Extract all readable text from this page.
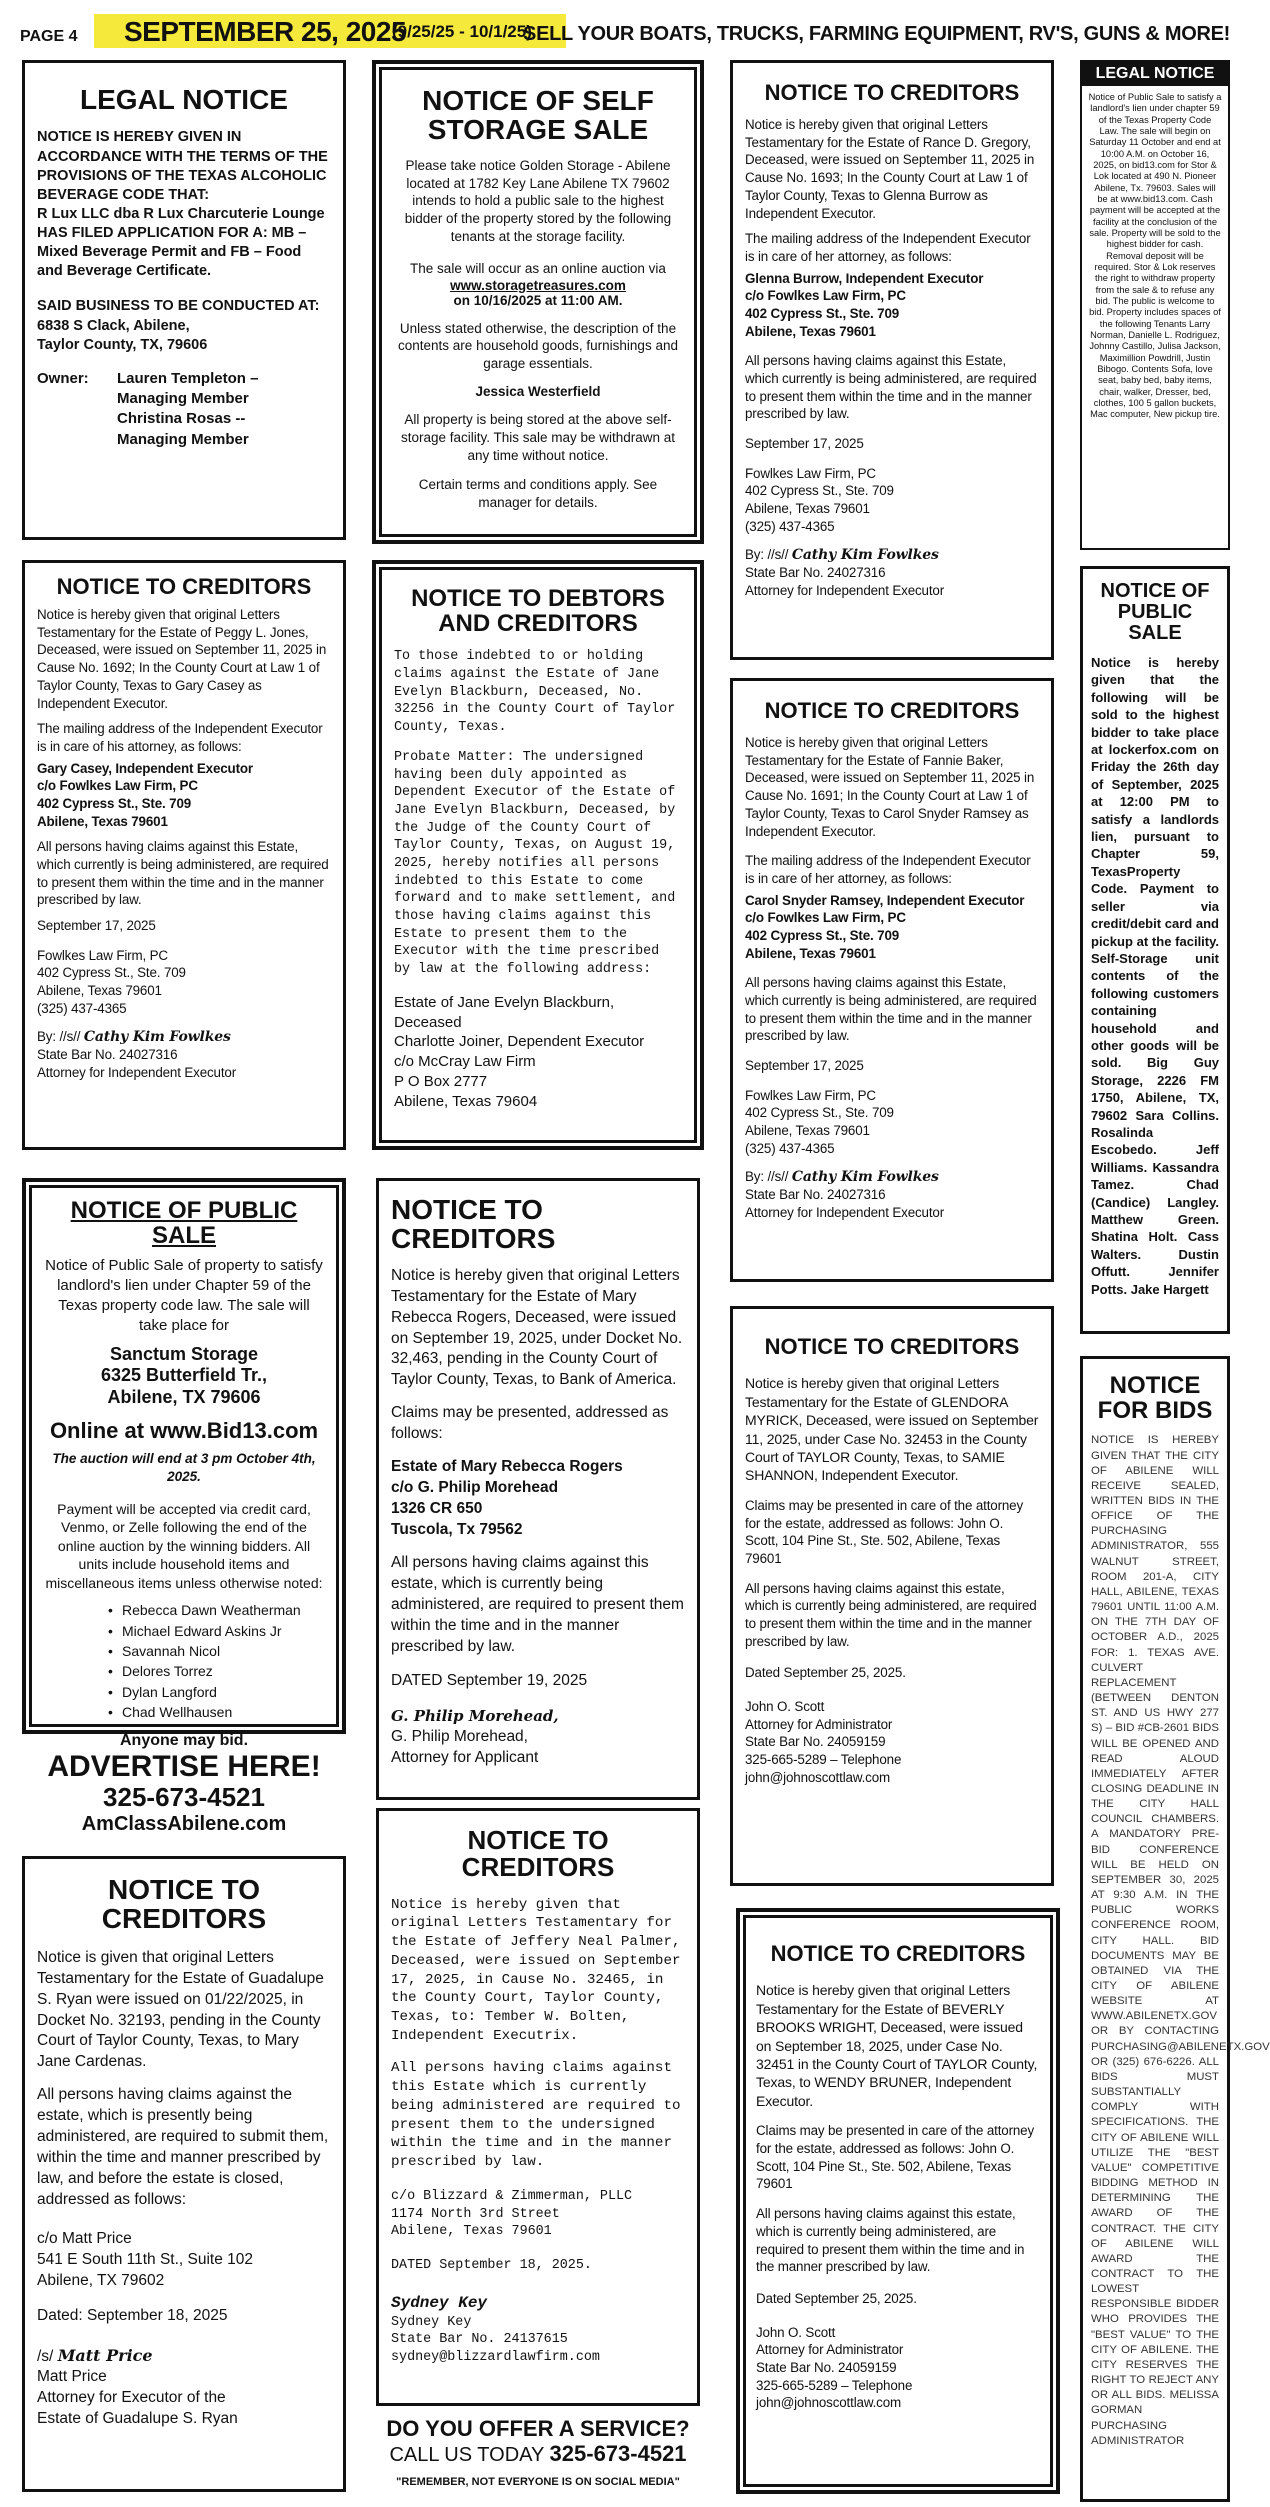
PAGE 4 SEPTEMBER 25, 2025
(9/25/25 - 10/1/25)
SELL YOUR BOATS, TRUCKS, FARMING EQUIPMENT, RV'S, GUNS & MORE!
LEGAL NOTICE

NOTICE IS HEREBY GIVEN IN ACCORDANCE WITH THE TERMS OF THE PROVISIONS OF THE TEXAS ALCOHOLIC BEVERAGE CODE THAT:

R Lux LLC dba R Lux Charcuterie Lounge HAS FILED APPLICATION FOR A: MB – Mixed Beverage Permit and FB – Food and Beverage Certificate.

SAID BUSINESS TO BE CONDUCTED AT:

6838 S Clack, Abilene,
Taylor County, TX, 79606
Owner:	Lauren Templeton –
Managing Member
Christina Rosas --
Managing Member
NOTICE TO CREDITORS

Notice is hereby given that original Letters Testamentary for the Estate of Peggy L. Jones, Deceased, were issued on September 11, 2025 in Cause No. 1692; In the County Court at Law 1 of Taylor County, Texas to Gary Casey as Independent Executor.

The mailing address of the Independent Executor is in care of his attorney, as follows:

Gary Casey, Independent Executor
c/o Fowlkes Law Firm, PC
402 Cypress St., Ste. 709
Abilene, Texas 79601

All persons having claims against this Estate, which currently is being administered, are required to present them within the time and in the manner prescribed by law.

September 17, 2025

Fowlkes Law Firm, PC
402 Cypress St., Ste. 709
Abilene, Texas 79601
(325) 437-4365
By: //s// Cathy Kim Fowlkes
State Bar No. 24027316
Attorney for Independent Executor
NOTICE OF PUBLIC SALE

Notice of Public Sale of property to satisfy landlord's lien under Chapter 59 of the Texas property code law. The sale will take place for

Sanctum Storage
6325 Butterfield Tr.,
Abilene, TX 79606
Online at www.Bid13.com

The auction will end at 3 pm October 4th, 2025.

Payment will be accepted via credit card, Venmo, or Zelle following the end of the online auction by the winning bidders. All units include household items and miscellaneous items unless otherwise noted:

• Rebecca Dawn Weatherman
• Michael Edward Askins Jr
• Savannah Nicol
• Delores Torrez
• Dylan Langford
• Chad Wellhausen
Anyone may bid.
ADVERTISE HERE!
325-673-4521
AmClassAbilene.com
NOTICE TO CREDITORS

Notice is given that original Letters Testamentary for the Estate of Guadalupe S. Ryan were issued on 01/22/2025, in Docket No. 32193, pending in the County Court of Taylor County, Texas, to Mary Jane Cardenas.

All persons having claims against the estate, which is presently being administered, are required to submit them, within the time and manner prescribed by law, and before the estate is closed, addressed as follows:

c/o Matt Price
541 E South 11th St., Suite 102
Abilene, TX 79602
Dated: September 18, 2025
/s/ Matt Price
Matt Price
Attorney for Executor of the
Estate of Guadalupe S. Ryan
NOTICE OF SELF STORAGE SALE

Please take notice Golden Storage - Abilene located at 1782 Key Lane Abilene TX 79602 intends to hold a public sale to the highest bidder of the property stored by the following tenants at the storage facility.

The sale will occur as an online auction via

www.storagetreasures.com
on 10/16/2025 at 11:00 AM.

Unless stated otherwise, the description of the contents are household goods, furnishings and garage essentials.

Jessica Westerfield

All property is being stored at the above self-storage facility. This sale may be withdrawn at any time without notice.

Certain terms and conditions apply. See manager for details.

NOTICE TO DEBTORS AND CREDITORS

To those indebted to or holding claims against the Estate of Jane Evelyn Blackburn, Deceased, No. 32256 in the County Court of Taylor County, Texas.

Probate Matter: The undersigned having been duly appointed as Dependent Executor of the Estate of Jane Evelyn Blackburn, Deceased, by the Judge of the County Court of Taylor County, Texas, on August 19, 2025, hereby notifies all persons indebted to this Estate to come forward and to make settlement, and those having claims against this Estate to present them to the Executor with the time prescribed by law at the following address:

Estate of Jane Evelyn Blackburn, Deceased
Charlotte Joiner, Dependent Executor
c/o McCray Law Firm
P O Box 2777
Abilene, Texas 79604
NOTICE TO CREDITORS

Notice is hereby given that original Letters Testamentary for the Estate of Mary Rebecca Rogers, Deceased, were issued on September 19, 2025, under Docket No. 32,463, pending in the County Court of Taylor County, Texas, to Bank of America.

Claims may be presented, addressed as follows:

Estate of Mary Rebecca Rogers
c/o G. Philip Morehead
1326 CR 650
Tuscola, Tx 79562

All persons having claims against this estate, which is currently being administered, are required to present them within the time and in the manner prescribed by law.

DATED September 19, 2025

G. Philip Morehead,
G. Philip Morehead,
Attorney for Applicant
NOTICE TO CREDITORS

Notice is hereby given that original Letters Testamentary for the Estate of Jeffery Neal Palmer, Deceased, were issued on September 17, 2025, in Cause No. 32465, in the County Court, Taylor County, Texas, to: Tember W. Bolten, Independent Executrix.

All persons having claims against this Estate which is currently being administered are required to present them to the undersigned within the time and in the manner prescribed by law.

c/o Blizzard & Zimmerman, PLLC
1174 North 3rd Street
Abilene, Texas 79601
DATED September 18, 2025.
Sydney Key
Sydney Key
State Bar No. 24137615
sydney@blizzardlawfirm.com
DO YOU OFFER A SERVICE?
CALL US TODAY 325-673-4521
"REMEMBER, NOT EVERYONE IS ON SOCIAL MEDIA"
NOTICE TO CREDITORS

Notice is hereby given that original Letters Testamentary for the Estate of Rance D. Gregory, Deceased, were issued on September 11, 2025 in Cause No. 1693; In the County Court at Law 1 of Taylor County, Texas to Glenna Burrow as Independent Executor.

The mailing address of the Independent Executor is in care of her attorney, as follows:

Glenna Burrow, Independent Executor
c/o Fowlkes Law Firm, PC
402 Cypress St., Ste. 709
Abilene, Texas 79601

All persons having claims against this Estate, which currently is being administered, are required to present them within the time and in the manner prescribed by law.

September 17, 2025

Fowlkes Law Firm, PC
402 Cypress St., Ste. 709
Abilene, Texas 79601
(325) 437-4365
By: //s// Cathy Kim Fowlkes
State Bar No. 24027316
Attorney for Independent Executor
NOTICE TO CREDITORS

Notice is hereby given that original Letters Testamentary for the Estate of Fannie Baker, Deceased, were issued on September 11, 2025 in Cause No. 1691; In the County Court at Law 1 of Taylor County, Texas to Carol Snyder Ramsey as Independent Executor.

The mailing address of the Independent Executor is in care of her attorney, as follows:

Carol Snyder Ramsey, Independent Executor
c/o Fowlkes Law Firm, PC
402 Cypress St., Ste. 709
Abilene, Texas 79601

All persons having claims against this Estate, which currently is being administered, are required to present them within the time and in the manner prescribed by law.

September 17, 2025

Fowlkes Law Firm, PC
402 Cypress St., Ste. 709
Abilene, Texas 79601
(325) 437-4365
By: //s// Cathy Kim Fowlkes
State Bar No. 24027316
Attorney for Independent Executor
NOTICE TO CREDITORS

Notice is hereby given that original Letters Testamentary for the Estate of GLENDORA MYRICK, Deceased, were issued on September 11, 2025, under Case No. 32453 in the County Court of TAYLOR County, Texas, to SAMIE SHANNON, Independent Executor.

Claims may be presented in care of the attorney for the estate, addressed as follows: John O. Scott, 104 Pine St., Ste. 502, Abilene, Texas 79601

All persons having claims against this estate, which is currently being administered, are required to present them within the time and in the manner prescribed by law.

Dated September 25, 2025.

John O. Scott
Attorney for Administrator
State Bar No. 24059159
325-665-5289 – Telephone
john@johnoscottlaw.com
NOTICE TO CREDITORS

Notice is hereby given that original Letters Testamentary for the Estate of BEVERLY BROOKS WRIGHT, Deceased, were issued on September 18, 2025, under Case No. 32451 in the County Court of TAYLOR County, Texas, to WENDY BRUNER, Independent Executor.

Claims may be presented in care of the attorney for the estate, addressed as follows: John O. Scott, 104 Pine St., Ste. 502, Abilene, Texas 79601

All persons having claims against this estate, which is currently being administered, are required to present them within the time and in the manner prescribed by law.

Dated September 25, 2025.

John O. Scott
Attorney for Administrator
State Bar No. 24059159
325-665-5289 – Telephone
john@johnoscottlaw.com
LEGAL NOTICE
Notice of Public Sale to satisfy a landlord's lien under chapter 59 of the Texas Property Code Law. The sale will begin on Saturday 11 October and end at 10:00 A.M. on October 16, 2025, on bid13.com for Stor & Lok located at 490 N. Pioneer Abilene, Tx. 79603. Sales will be at www.bid13.com. Cash payment will be accepted at the facility at the conclusion of the sale. Property will be sold to the highest bidder for cash. Removal deposit will be required. Stor & Lok reserves the right to withdraw property from the sale & to refuse any bid. The public is welcome to bid. Property includes spaces of the following Tenants Larry Norman, Danielle L. Rodriguez, Johnny Castillo, Julisa Jackson, Maximillion Powdrill, Justin Bibogo. Contents Sofa, love seat, baby bed, baby items, chair, walker, Dresser, bed, clothes, 100 5 gallon buckets, Mac computer, New pickup tire.
NOTICE OF PUBLIC SALE

Notice is hereby given that the following will be sold to the highest bidder to take place at lockerfox.com on Friday the 26th day of September, 2025 at 12:00 PM to satisfy a landlords lien, pursuant to Chapter 59, TexasProperty Code. Payment to seller via credit/debit card and pickup at the facility. Self-Storage unit contents of the following customers containing household and other goods will be sold. Big Guy Storage, 2226 FM 1750, Abilene, TX, 79602 Sara Collins. Rosalinda Escobedo. Jeff Williams. Kassandra Tamez. Chad (Candice) Langley. Matthew Green. Shatina Holt. Cass Walters. Dustin Offutt. Jennifer Potts. Jake Hargett

NOTICE FOR BIDS

NOTICE IS HEREBY GIVEN THAT THE CITY OF ABILENE WILL RECEIVE SEALED, WRITTEN BIDS IN THE OFFICE OF THE PURCHASING ADMINISTRATOR, 555 WALNUT STREET, ROOM 201-A, CITY HALL, ABILENE, TEXAS 79601 UNTIL 11:00 A.M. ON THE 7TH DAY OF OCTOBER A.D., 2025 FOR: 1. TEXAS AVE. CULVERT REPLACEMENT (BETWEEN DENTON ST. AND US HWY 277 S) – BID #CB-2601 BIDS WILL BE OPENED AND READ ALOUD IMMEDIATELY AFTER CLOSING DEADLINE IN THE CITY HALL COUNCIL CHAMBERS. A MANDATORY PRE-BID CONFERENCE WILL BE HELD ON SEPTEMBER 30, 2025 AT 9:30 A.M. IN THE PUBLIC WORKS CONFERENCE ROOM, CITY HALL. BID DOCUMENTS MAY BE OBTAINED VIA THE CITY OF ABILENE WEBSITE AT WWW.ABILENETX.GOV OR BY CONTACTING PURCHASING@ABILENETX.GOV OR (325) 676-6226. ALL BIDS MUST SUBSTANTIALLY COMPLY WITH SPECIFICATIONS. THE CITY OF ABILENE WILL UTILIZE THE "BEST VALUE" COMPETITIVE BIDDING METHOD IN DETERMINING THE AWARD OF THE CONTRACT. THE CITY OF ABILENE WILL AWARD THE CONTRACT TO THE LOWEST RESPONSIBLE BIDDER WHO PROVIDES THE "BEST VALUE" TO THE CITY OF ABILENE. THE CITY RESERVES THE RIGHT TO REJECT ANY OR ALL BIDS. MELISSA GORMAN PURCHASING ADMINISTRATOR
